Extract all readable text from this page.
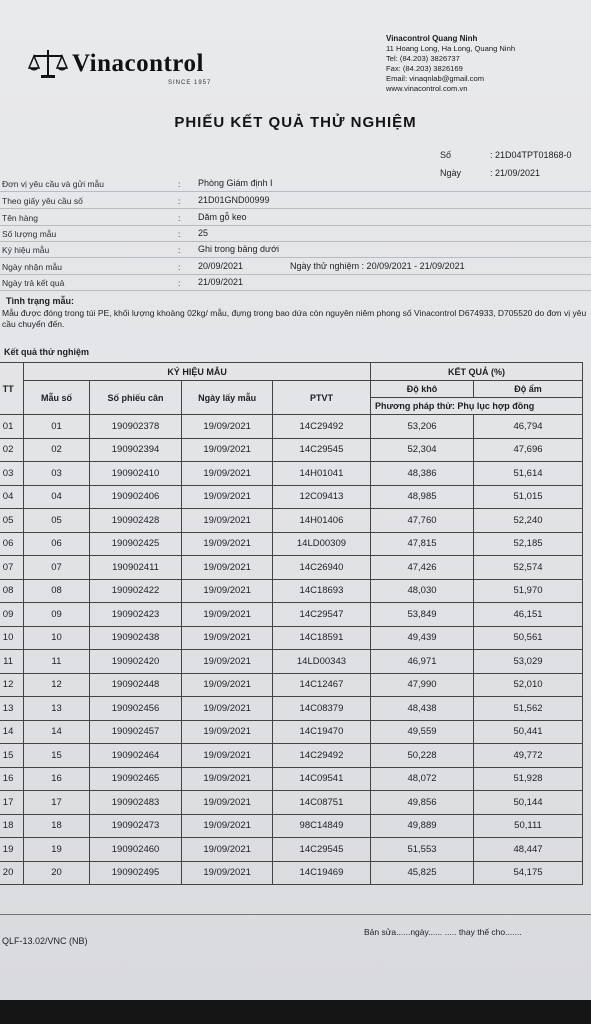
Vinacontrol
SINCE 1957
Vinacontrol Quang Ninh
11 Hoang Long, Ha Long, Quang Ninh
Tel: (84.203) 3826737
Fax: (84.203) 3826169
Email: vinaqnlab@gmail.com
www.vinacontrol.com.vn
PHIẾU KẾT QUẢ THỬ NGHIỆM
Số	: 21D04TPT01868-0
Ngày	: 21/09/2021
Đơn vị yêu cầu và gửi mẫu	: Phòng Giám định I
Theo giấy yêu cầu số	: 21D01GND00999
Tên hàng	: Dăm gỗ keo
Số lượng mẫu	: 25
Ký hiệu mẫu	: Ghi trong bảng dưới
Ngày nhận mẫu	: 20/09/2021	Ngày thử nghiệm : 20/09/2021 - 21/09/2021
Ngày trả kết quả	: 21/09/2021
Tình trạng mẫu:
Mẫu được đóng trong túi PE, khối lượng khoảng 02kg/ mẫu, đựng trong bao dứa còn nguyên niêm phong số Vinacontrol D674933, D705520 do đơn vị yêu cầu chuyển đến.
Kết quả thử nghiệm
TT	KÝ HIỆU MẪU				KẾT QUẢ (%)	
	Mẫu số	Số phiếu cân	Ngày lấy mẫu	PTVT	Độ khô	Độ ẩm
					Phương pháp thử: Phụ lục hợp đồng	
01	01	190902378	19/09/2021	14C29492	53,206	46,794
02	02	190902394	19/09/2021	14C29545	52,304	47,696
03	03	190902410	19/09/2021	14H01041	48,386	51,614
04	04	190902406	19/09/2021	12C09413	48,985	51,015
05	05	190902428	19/09/2021	14H01406	47,760	52,240
06	06	190902425	19/09/2021	14LD00309	47,815	52,185
07	07	190902411	19/09/2021	14C26940	47,426	52,574
08	08	190902422	19/09/2021	14C18693	48,030	51,970
09	09	190902423	19/09/2021	14C29547	53,849	46,151
10	10	190902438	19/09/2021	14C18591	49,439	50,561
11	11	190902420	19/09/2021	14LD00343	46,971	53,029
12	12	190902448	19/09/2021	14C12467	47,990	52,010
13	13	190902456	19/09/2021	14C08379	48,438	51,562
14	14	190902457	19/09/2021	14C19470	49,559	50,441
15	15	190902464	19/09/2021	14C29492	50,228	49,772
16	16	190902465	19/09/2021	14C09541	48,072	51,928
17	17	190902483	19/09/2021	14C08751	49,856	50,144
18	18	190902473	19/09/2021	98C14849	49,889	50,111
19	19	190902460	19/09/2021	14C29545	51,553	48,447
20	20	190902495	19/09/2021	14C19469	45,825	54,175
QLF-13.02/VNC (NB)
Bản sửa......ngày...... ..... thay thế cho.......
